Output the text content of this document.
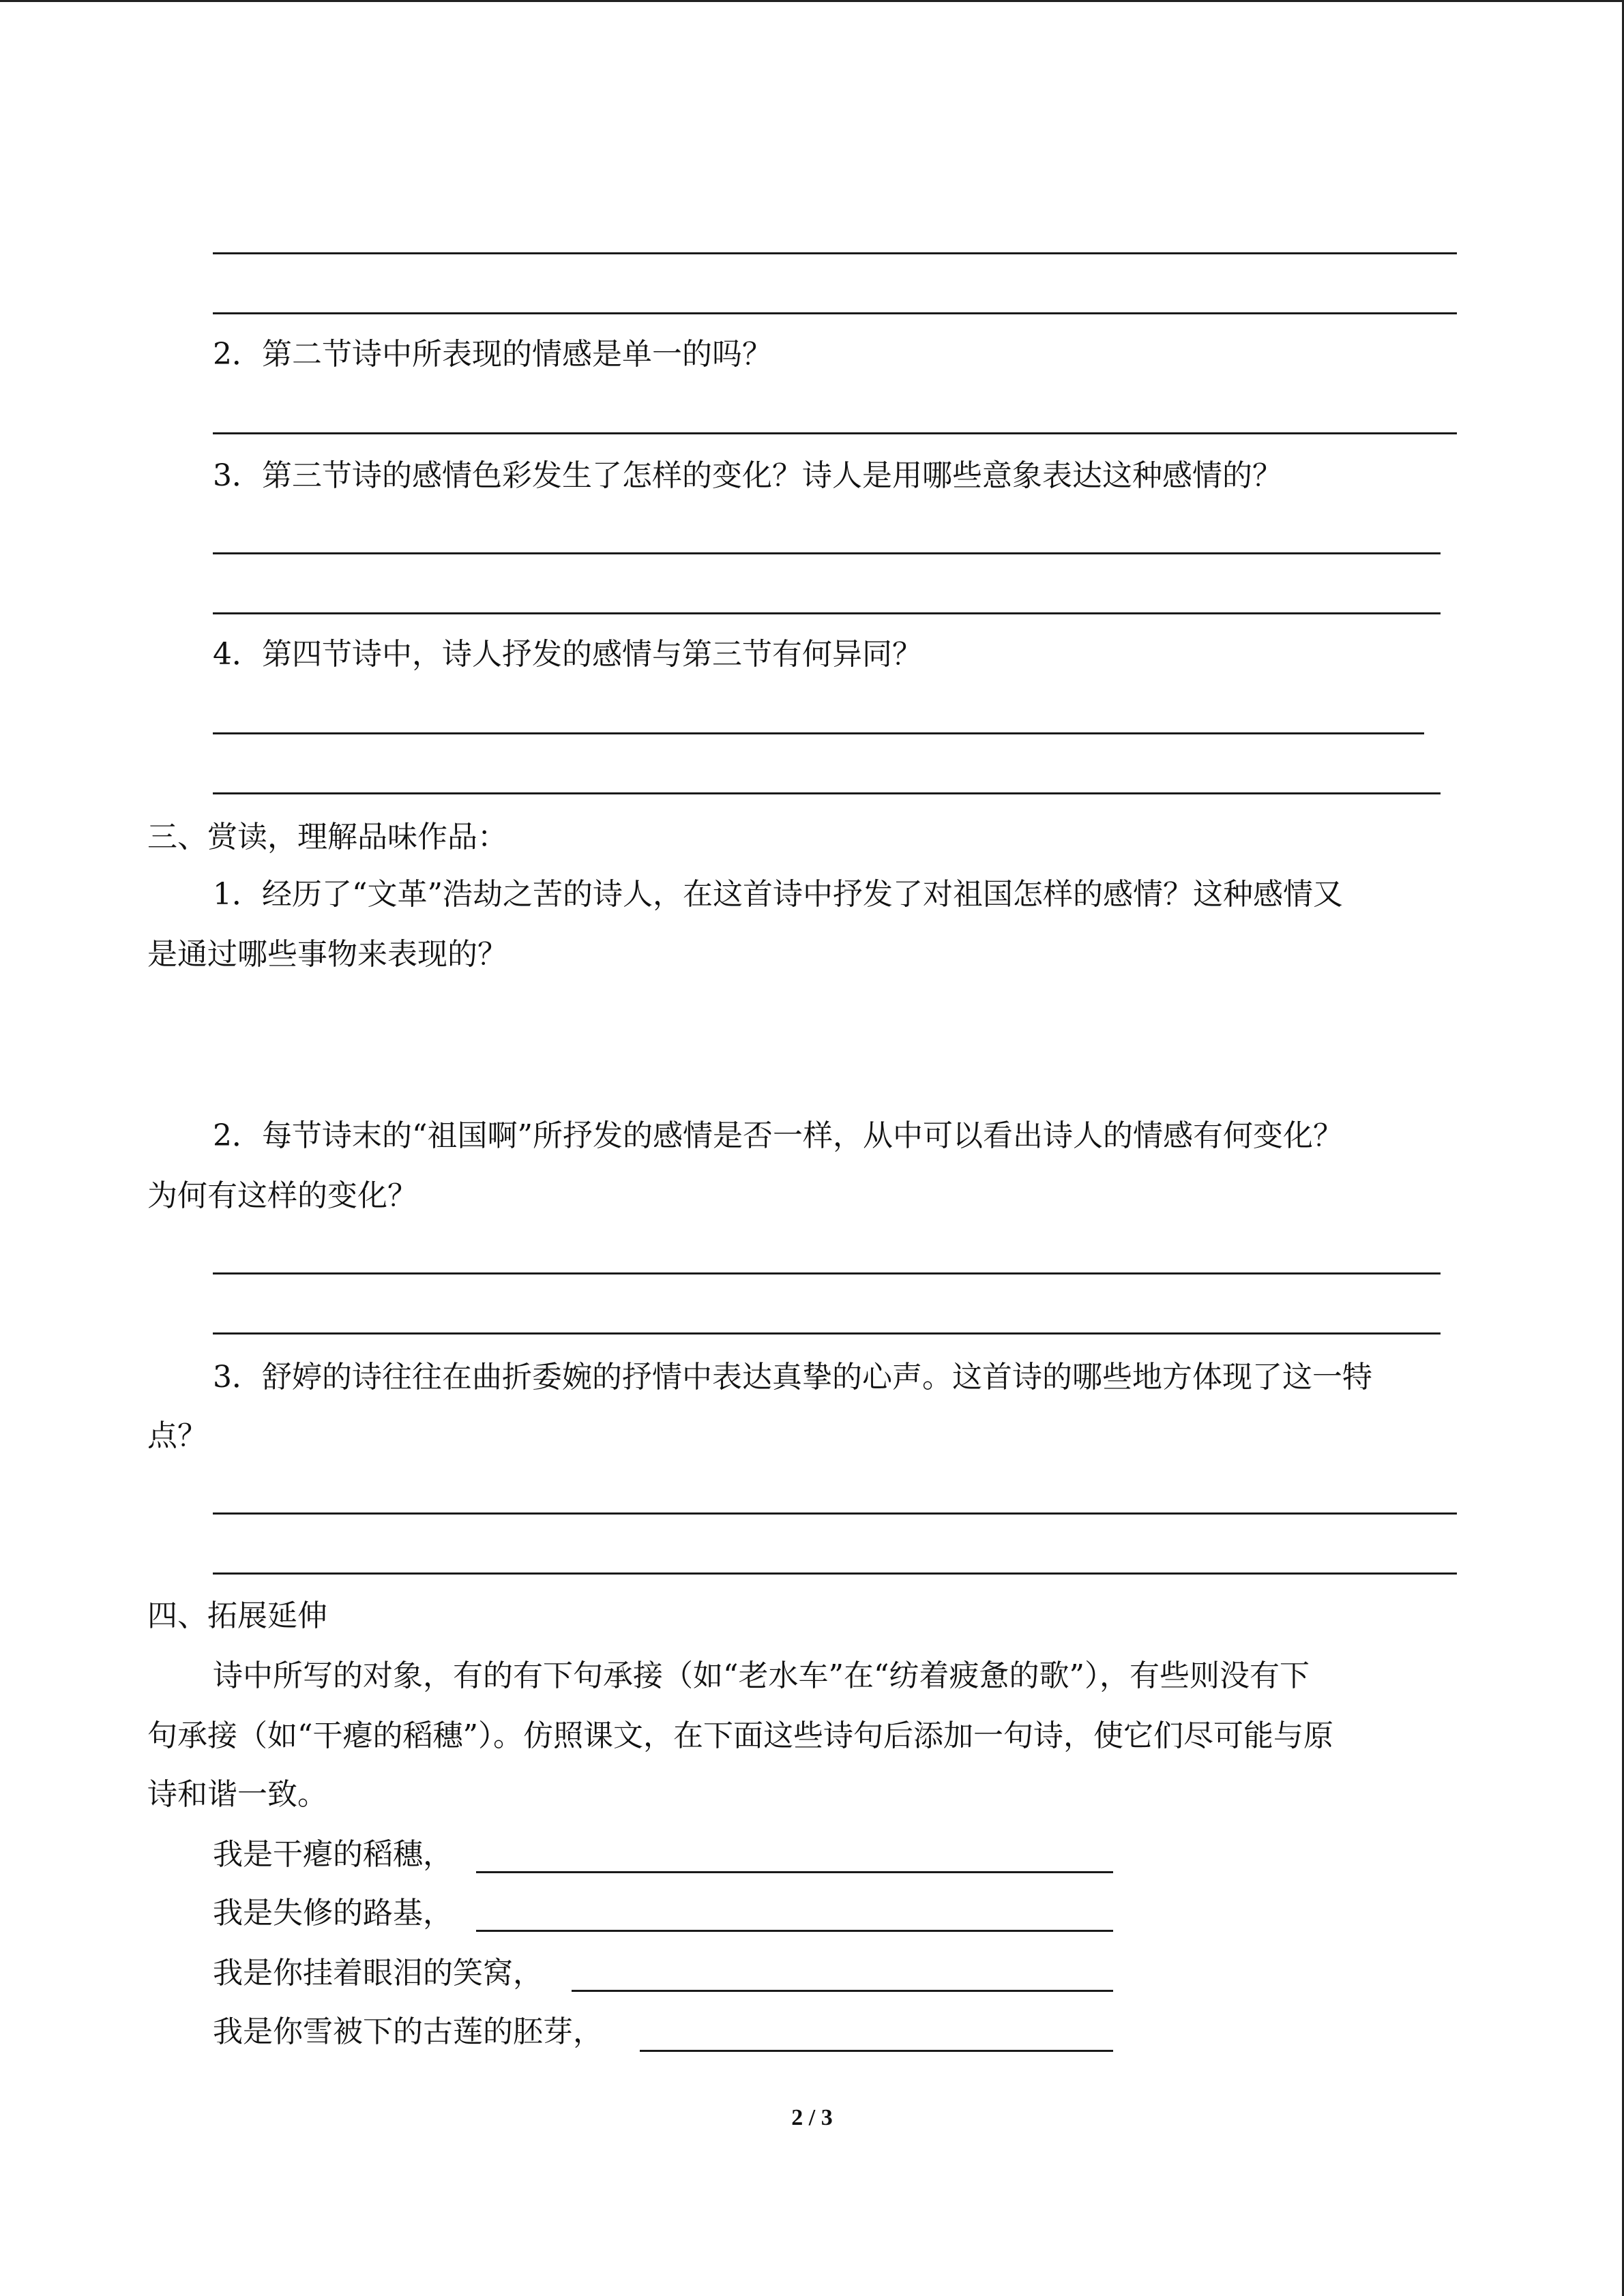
2．第二节诗中所表现的情感是单一的吗？
3．第三节诗的感情色彩发生了怎样的变化？诗人是用哪些意象表达这种感情的？
4．第四节诗中，诗人抒发的感情与第三节有何异同？
三、赏读，理解品味作品：
1．经历了“文革”浩劫之苦的诗人，在这首诗中抒发了对祖国怎样的感情？这种感情又
是通过哪些事物来表现的？
2．每节诗末的“祖国啊”所抒发的感情是否一样，从中可以看出诗人的情感有何变化？
为何有这样的变化？
3．舒婷的诗往往在曲折委婉的抒情中表达真挚的心声。这首诗的哪些地方体现了这一特
点？
四、拓展延伸
诗中所写的对象，有的有下句承接（如“老水车”在“纺着疲惫的歌”），有些则没有下
句承接（如“干瘪的稻穗”）。仿照课文，在下面这些诗句后添加一句诗，使它们尽可能与原
诗和谐一致。
我是干瘪的稻穗，
我是失修的路基，
我是你挂着眼泪的笑窝，
我是你雪被下的古莲的胚芽，
2 / 3
